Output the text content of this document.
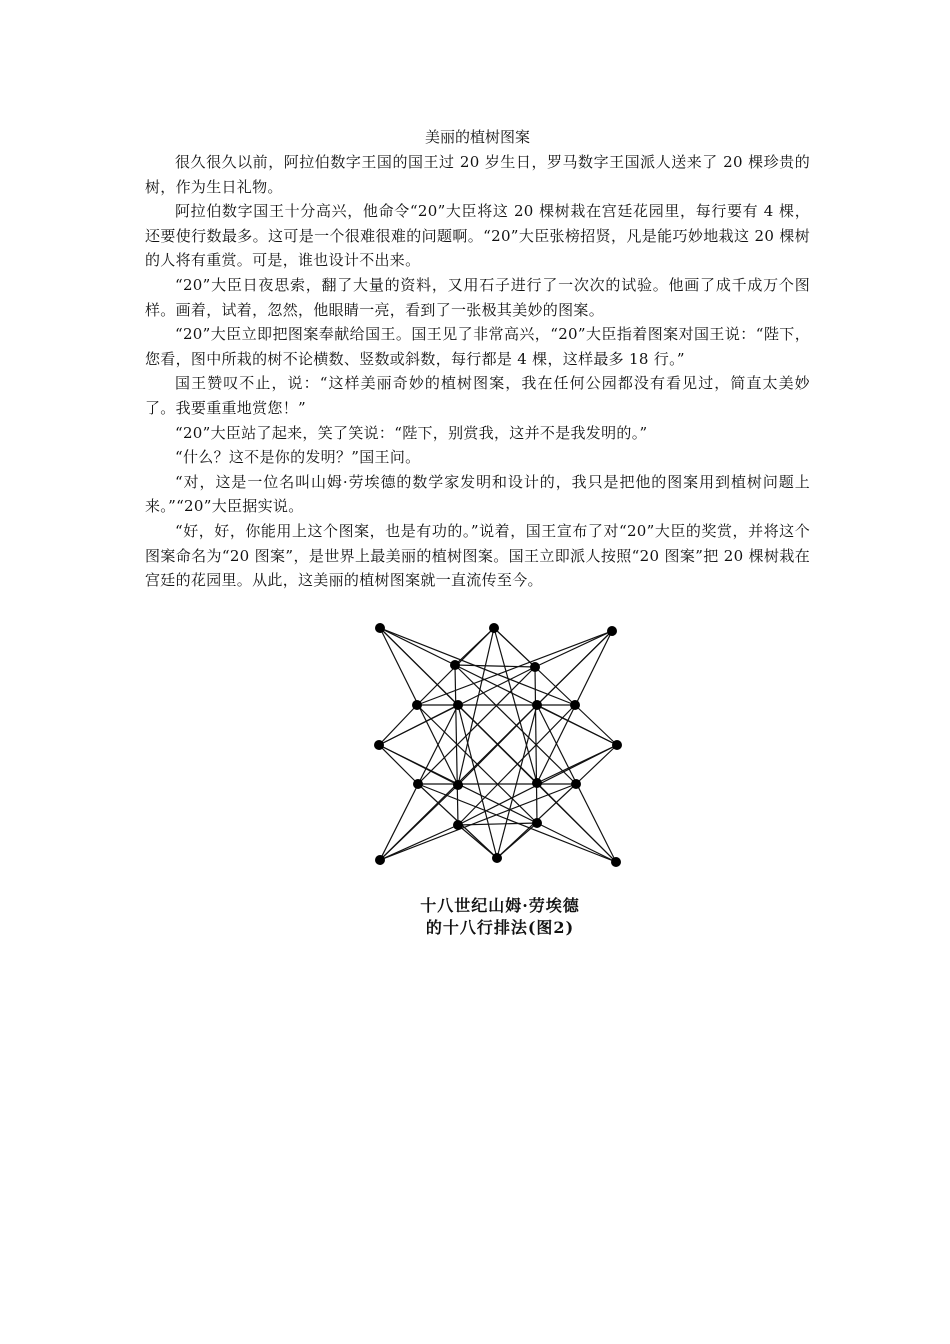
美丽的植树图案

很久很久以前，阿拉伯数字王国的国王过 20 岁生日，罗马数字王国派人送来了 20 棵珍贵的树，作为生日礼物。

阿拉伯数字国王十分高兴，他命令“20”大臣将这 20 棵树栽在宫廷花园里，每行要有 4 棵，还要使行数最多。这可是一个很难很难的问题啊。“20”大臣张榜招贤，凡是能巧妙地栽这 20 棵树的人将有重赏。可是，谁也设计不出来。

“20”大臣日夜思索，翻了大量的资料，又用石子进行了一次次的试验。他画了成千成万个图样。画着，试着，忽然，他眼睛一亮，看到了一张极其美妙的图案。

“20”大臣立即把图案奉献给国王。国王见了非常高兴，“20”大臣指着图案对国王说：“陛下，您看，图中所栽的树不论横数、竖数或斜数，每行都是 4 棵，这样最多 18 行。”

国王赞叹不止，说：“这样美丽奇妙的植树图案，我在任何公园都没有看见过，简直太美妙了。我要重重地赏您！”

“20”大臣站了起来，笑了笑说：“陛下，别赏我，这并不是我发明的。”

“什么？这不是你的发明？”国王问。

“对，这是一位名叫山姆·劳埃德的数学家发明和设计的，我只是把他的图案用到植树问题上来。”“20”大臣据实说。

“好，好，你能用上这个图案，也是有功的。”说着，国王宣布了对“20”大臣的奖赏，并将这个图案命名为“20 图案”，是世界上最美丽的植树图案。国王立即派人按照“20 图案”把 20 棵树栽在宫廷的花园里。从此，这美丽的植树图案就一直流传至今。

十八世纪山姆·劳埃德
的十八行排法(图2)
